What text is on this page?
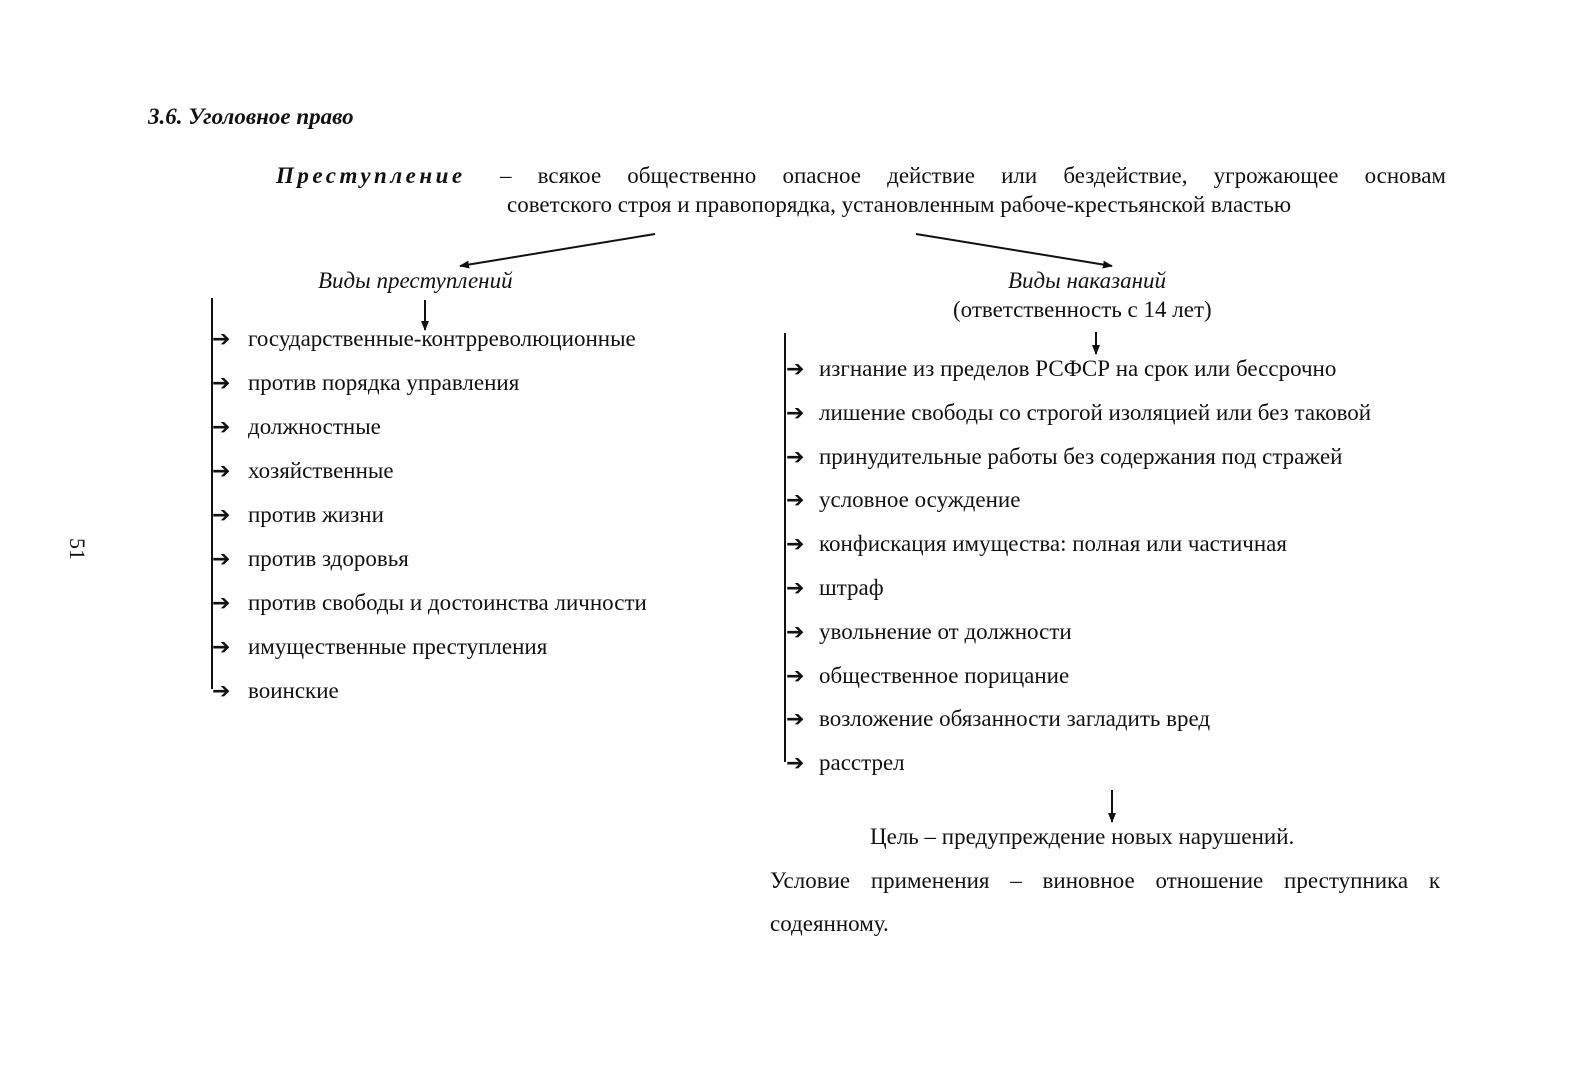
3.6. Уголовное право
Преступление – всякое общественно опасное действие или бездействие, угрожающее основам
советского строя и правопорядка, установленным рабоче-крестьянской властью
Виды преступлений	Виды наказаний
(ответственность с 14 лет)
51
➔ государственные-контрреволюционные
➔ против порядка управления
➔ должностные
➔ хозяйственные
➔ против жизни
➔ против здоровья
➔ против свободы и достоинства личности
➔ имущественные преступления
➔ воинские
➔ изгнание из пределов РСФСР на срок или бессрочно
➔ лишение свободы со строгой изоляцией или без таковой
➔ принудительные работы без содержания под стражей
➔ условное осуждение
➔ конфискация имущества: полная или частичная
➔ штраф
➔ увольнение от должности
➔ общественное порицание
➔ возложение обязанности загладить вред
➔ расстрел
Цель – предупреждение новых нарушений.
Условие применения – виновное отношение преступника к
содеянному.
